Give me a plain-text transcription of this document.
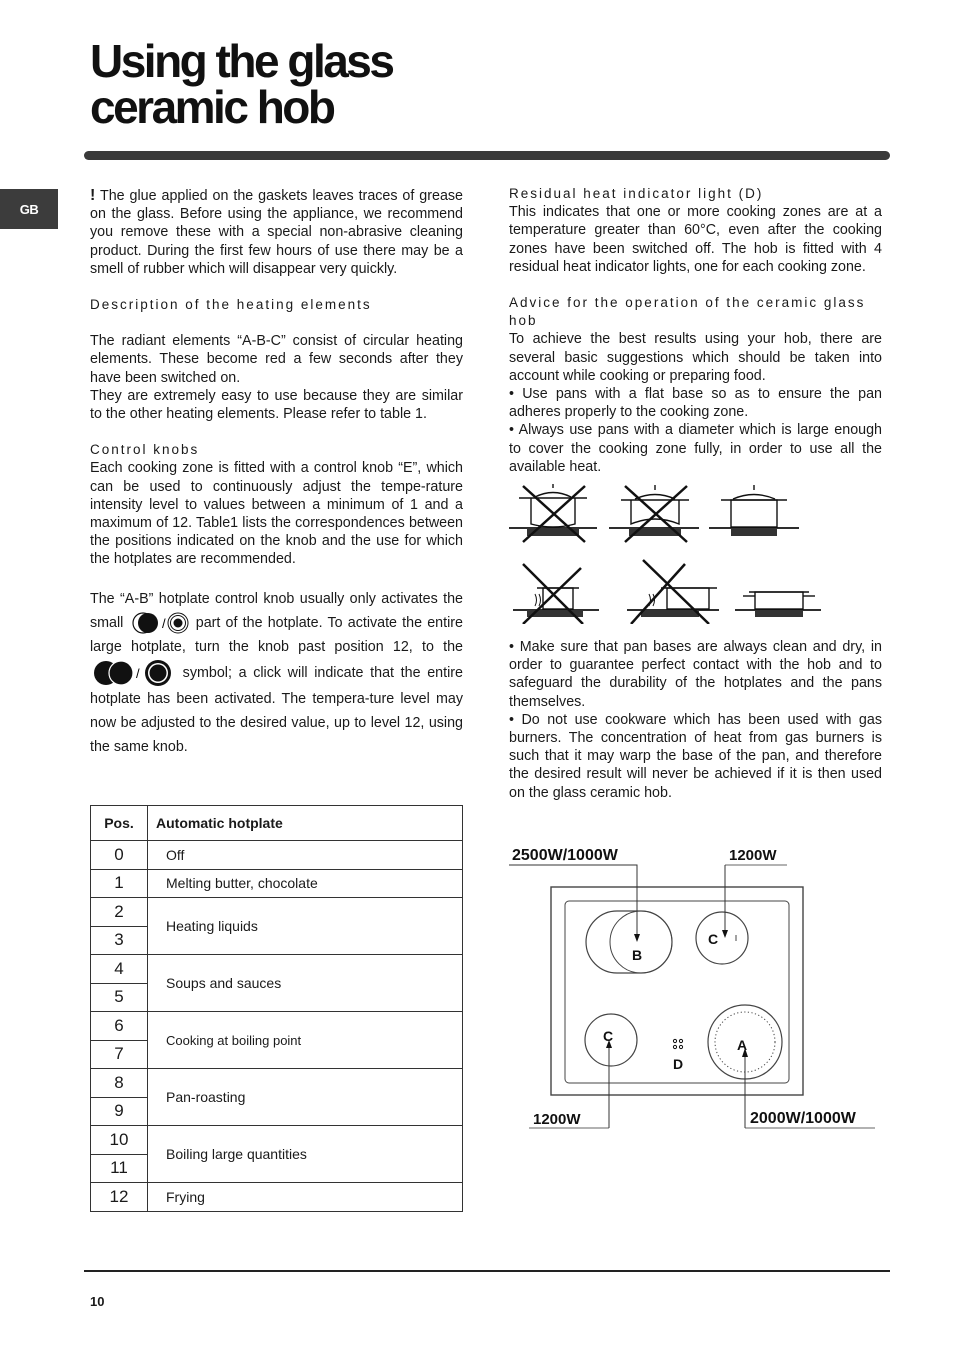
Using the glass
ceramic hob
GB

! The glue applied on the gaskets leaves traces of grease on the glass. Before using the appliance, we recommend you remove these with a special non-abrasive cleaning product. During the first few hours of use there may be a smell of rubber which will disappear very quickly.

Description of the heating elements

The radiant elements “A-B-C” consist of circular heating elements. These become red a few seconds after they have been switched on.

They are extremely easy to use because they are similar to the other heating elements. Please refer to table 1.

Control knobs

Each cooking zone is fitted with a control knob “E”, which can be used to continuously adjust the tempe-rature intensity level to values between a minimum of 1 and a maximum of 12. Table1 lists the correspondences between the positions indicated on the knob and the use for which the hotplates are recommended.

The “A-B” hotplate control knob usually only activates the small	/ part of the hotplate. To activate the entire large hotplate, turn the knob past position 12, to the
/	symbol; a click will indicate that the entire hotplate has been activated. The tempera-ture level may now be adjusted to the desired value, up to level 12, using the same knob.

Pos.	Automatic hotplate
0	Off
1	Melting butter, chocolate
2	Heating liquids
3	
4	Soups and sauces
5	
6	Cooking at boiling point
7	
8	Pan-roasting
9	
10	Boiling large quantities
11	
12	Frying

Residual heat indicator light (D)

This indicates that one or more cooking zones are at a temperature greater than 60°C, even after the cooking zones have been switched off. The hob is fitted with 4 residual heat indicator lights, one for each cooking zone.

Advice for the operation of the ceramic glass hob

To achieve the best results using your hob, there are several basic suggestions which should be taken into account while cooking or preparing food.

• Use pans with a flat base so as to ensure the pan adheres properly to the cooking zone.

• Always use pans with a diameter which is large enough to cover the cooking zone fully, in order to use all the available heat.

• Make sure that pan bases are always clean and dry, in order to guarantee perfect contact with the hob and to safeguard the durability of the hotplates and the pans themselves.

• Do not use cookware which has been used with gas burners. The concentration of heat from gas burners is such that it may warp the base of the pan, and therefore the desired result will never be achieved if it is then used on the glass ceramic hob.

2500W/1000W	1200W
1200W	2000W/1000W
B
C
C
A
D
10
